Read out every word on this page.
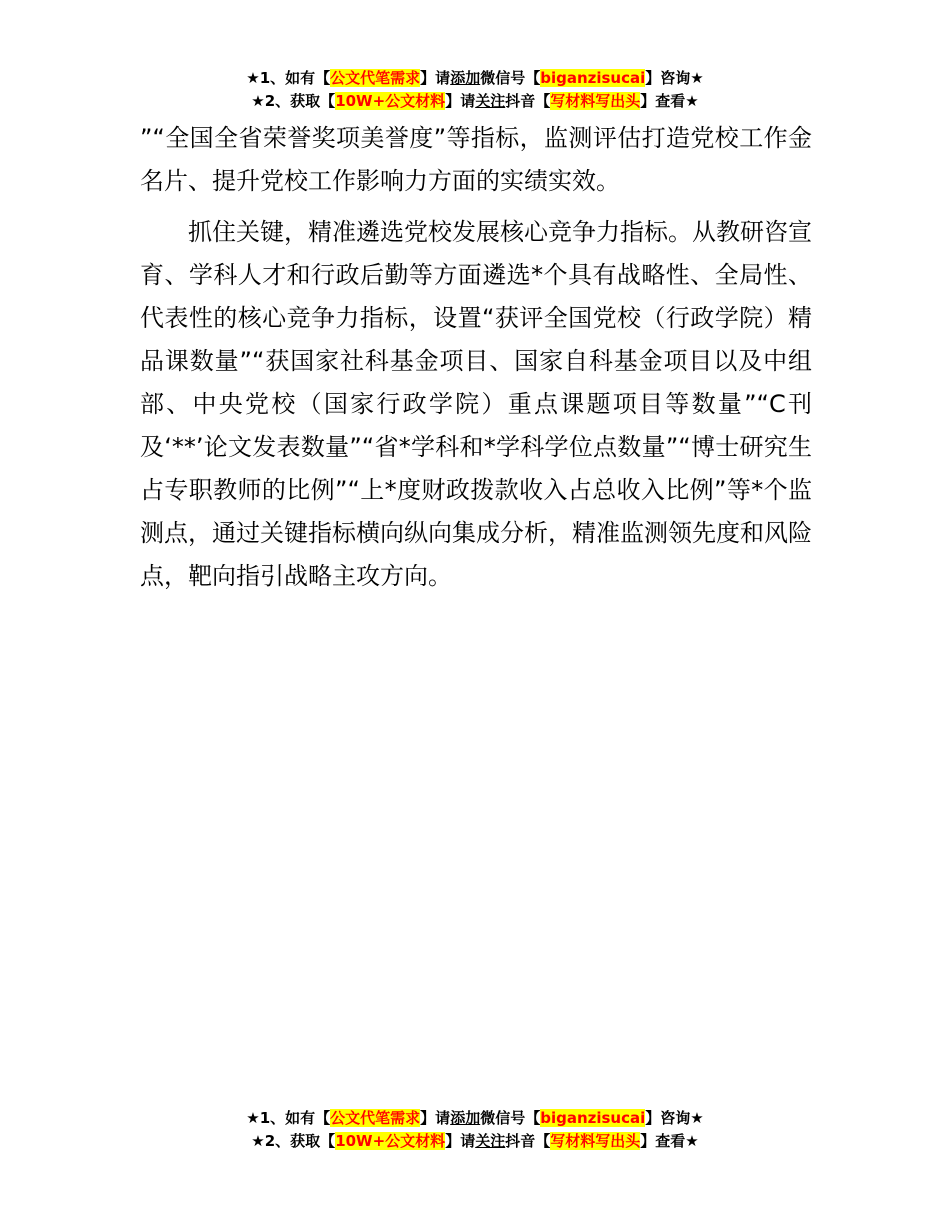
★1、如有【公文代笔需求】请添加微信号【biganzisucai】咨询★
★2、获取【10W+公文材料】请关注抖音【写材料写出头】查看★

”“全国全省荣誉奖项美誉度”等指标，监测评估打造党校工作金名片、提升党校工作影响力方面的实绩实效。

抓住关键，精准遴选党校发展核心竞争力指标。从教研咨宣育、学科人才和行政后勤等方面遴选*个具有战略性、全局性、代表性的核心竞争力指标，设置“获评全国党校（行政学院）精品课数量”“获国家社科基金项目、国家自科基金项目以及中组部、中央党校（国家行政学院）重点课题项目等数量”“C刊及‘**’论文发表数量”“省*学科和*学科学位点数量”“博士研究生占专职教师的比例”“上*度财政拨款收入占总收入比例”等*个监测点，通过关键指标横向纵向集成分析，精准监测领先度和风险点，靶向指引战略主攻方向。

★1、如有【公文代笔需求】请添加微信号【biganzisucai】咨询★
★2、获取【10W+公文材料】请关注抖音【写材料写出头】查看★
